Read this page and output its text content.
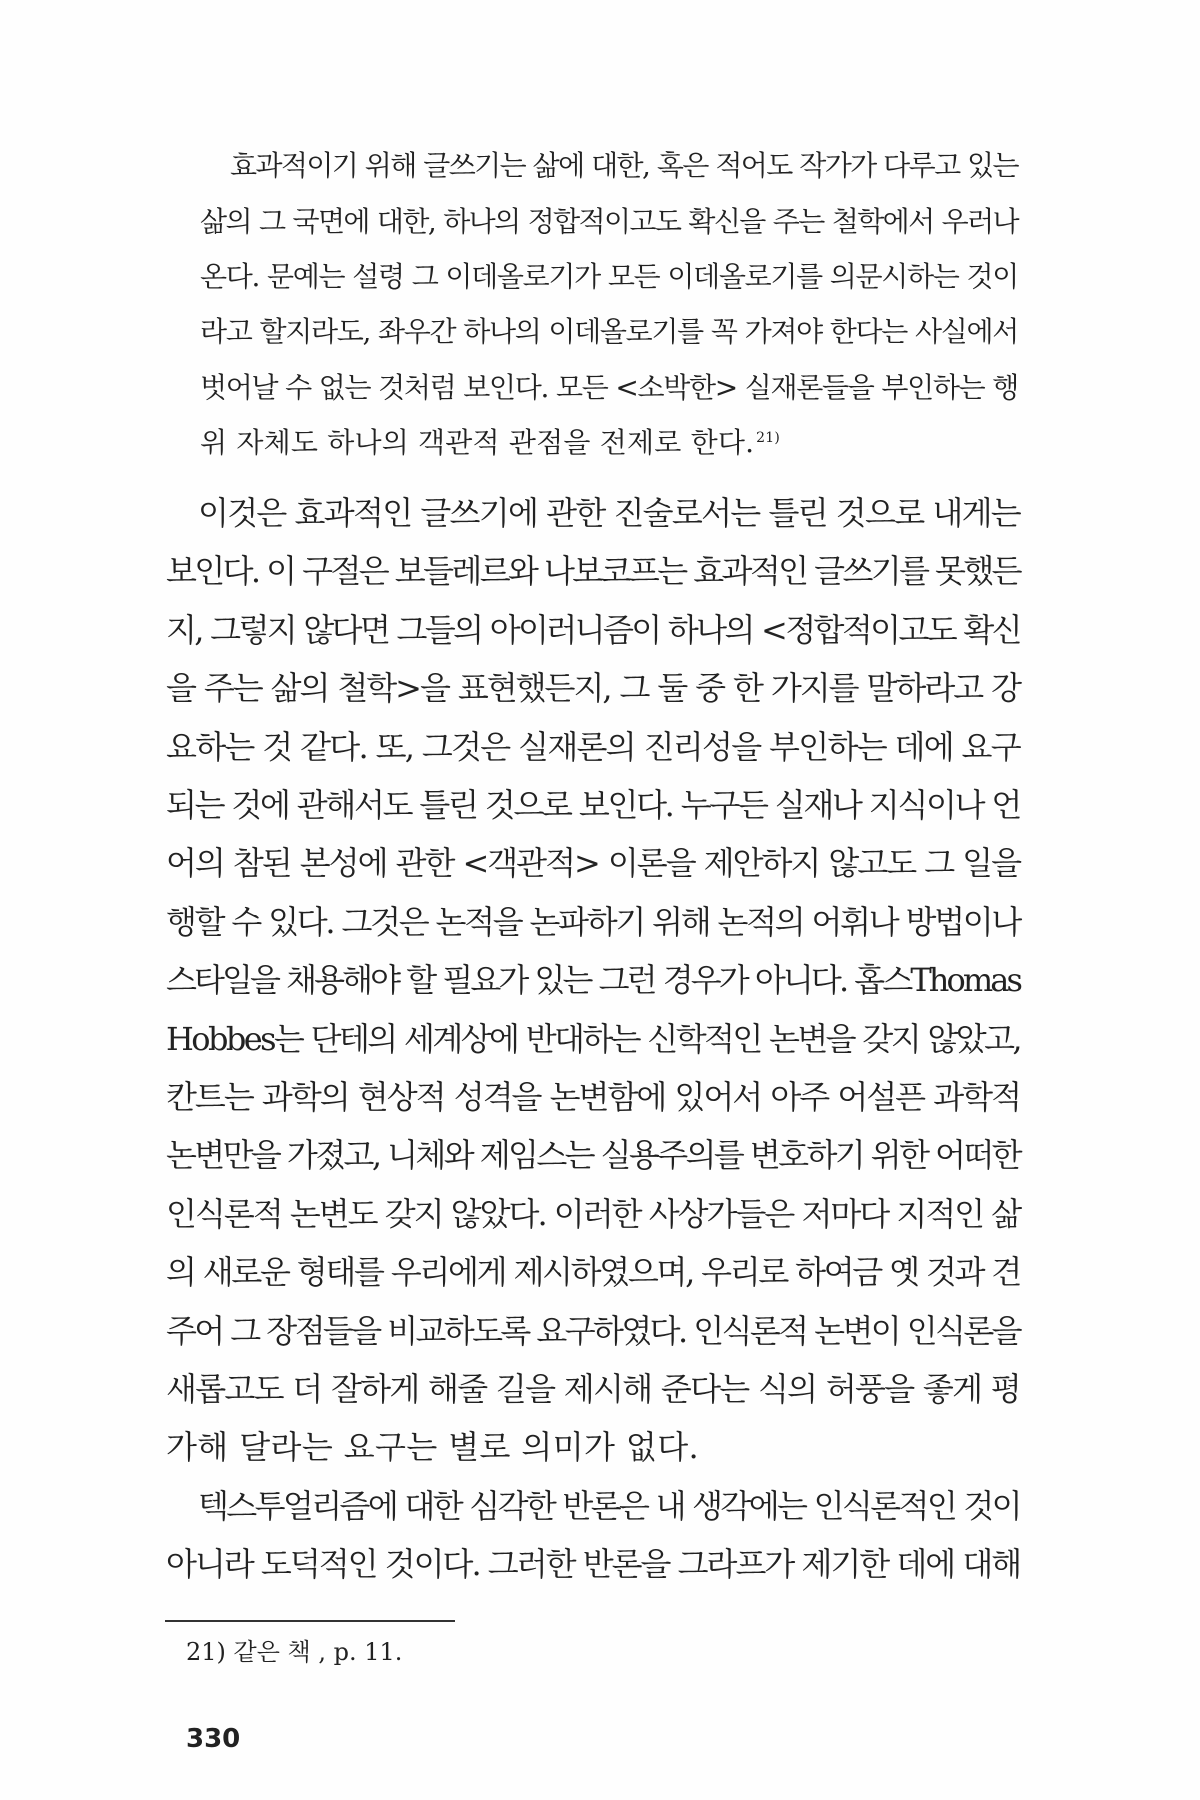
효과적이기 위해 글쓰기는 삶에 대한, 혹은 적어도 작가가 다루고 있는

삶의 그 국면에 대한, 하나의 정합적이고도 확신을 주는 철학에서 우러나

온다. 문예는 설령 그 이데올로기가 모든 이데올로기를 의문시하는 것이

라고 할지라도, 좌우간 하나의 이데올로기를 꼭 가져야 한다는 사실에서

벗어날 수 없는 것처럼 보인다. 모든 <소박한> 실재론들을 부인하는 행

위 자체도 하나의 객관적 관점을 전제로 한다. $^{21)}$

이것은 효과적인 글쓰기에 관한 진술로서는 틀린 것으로 내게는

보인다. 이 구절은 보들레르와 나보코프는 효과적인 글쓰기를 못했든

지, 그렇지 않다면 그들의 아이러니즘이 하나의 <정합적이고도 확신

을 주는 삶의 철학>을 표현했든지, 그 둘 중 한 가지를 말하라고 강

요하는 것 같다. 또, 그것은 실재론의 진리성을 부인하는 데에 요구

되는 것에 관해서도 틀린 것으로 보인다. 누구든 실재나 지식이나 언

어의 참된 본성에 관한 <객관적> 이론을 제안하지 않고도 그 일을

행할 수 있다. 그것은 논적을 논파하기 위해 논적의 어휘나 방법이나

스타일을 채용해야 할 필요가 있는 그런 경우가 아니다. 홉스Thomas

Hobbes는 단테의 세계상에 반대하는 신학적인 논변을 갖지 않았고,

칸트는 과학의 현상적 성격을 논변함에 있어서 아주 어설픈 과학적

논변만을 가졌고, 니체와 제임스는 실용주의를 변호하기 위한 어떠한

인식론적 논변도 갖지 않았다. 이러한 사상가들은 저마다 지적인 삶

의 새로운 형태를 우리에게 제시하였으며, 우리로 하여금 옛 것과 견

주어 그 장점들을 비교하도록 요구하였다. 인식론적 논변이 인식론을

새롭고도 더 잘하게 해줄 길을 제시해 준다는 식의 허풍을 좋게 평

가해 달라는 요구는 별로 의미가 없다.

텍스투얼리즘에 대한 심각한 반론은 내 생각에는 인식론적인 것이

아니라 도덕적인 것이다. 그러한 반론을 그라프가 제기한 데에 대해

21) 같은 책 , p. 11.
330
